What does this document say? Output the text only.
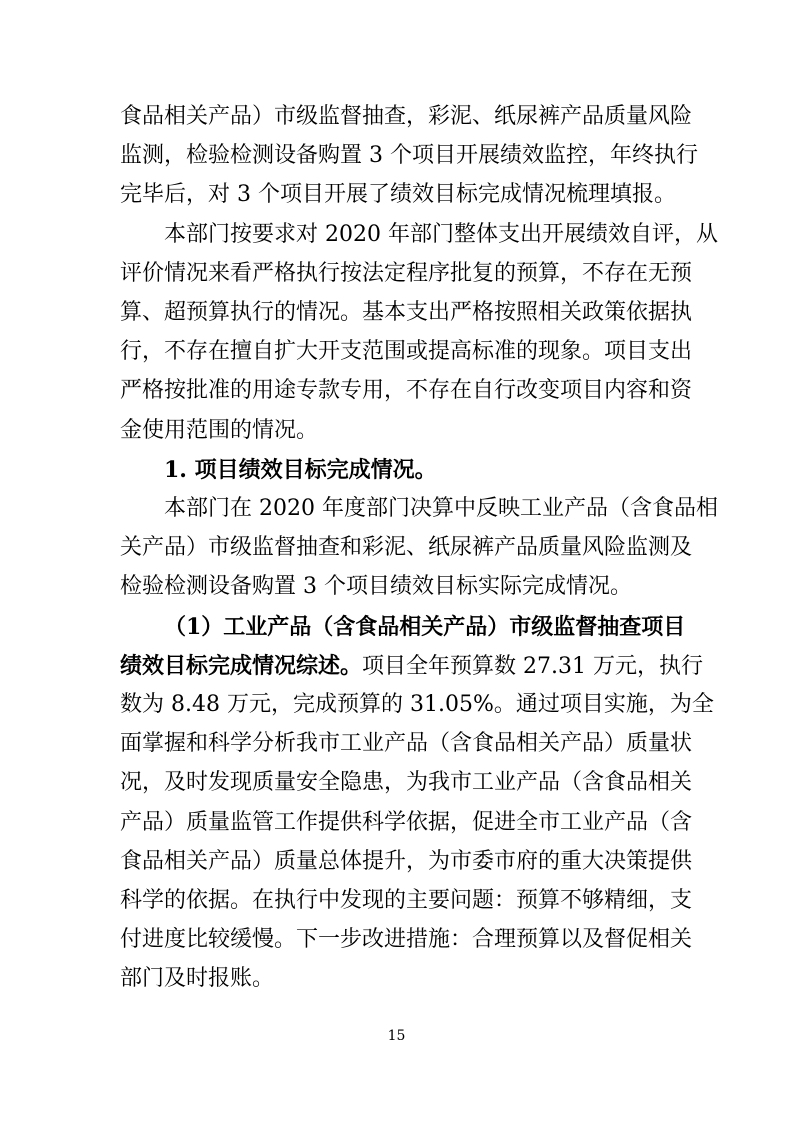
食品相关产品）市级监督抽查，彩泥、纸尿裤产品质量风险
监测，检验检测设备购置 3 个项目开展绩效监控，年终执行
完毕后，对 3 个项目开展了绩效目标完成情况梳理填报。
本部门按要求对 2020 年部门整体支出开展绩效自评，从
评价情况来看严格执行按法定程序批复的预算，不存在无预
算、超预算执行的情况。基本支出严格按照相关政策依据执
行，不存在擅自扩大开支范围或提高标准的现象。项目支出
严格按批准的用途专款专用，不存在自行改变项目内容和资
金使用范围的情况。
1. 项目绩效目标完成情况。
本部门在 2020 年度部门决算中反映工业产品（含食品相
关产品）市级监督抽查和彩泥、纸尿裤产品质量风险监测及
检验检测设备购置 3 个项目绩效目标实际完成情况。
（1）工业产品（含食品相关产品）市级监督抽查项目
绩效目标完成情况综述。项目全年预算数 27.31 万元，执行
数为 8.48 万元，完成预算的 31.05%。通过项目实施，为全
面掌握和科学分析我市工业产品（含食品相关产品）质量状
况，及时发现质量安全隐患，为我市工业产品（含食品相关
产品）质量监管工作提供科学依据，促进全市工业产品（含
食品相关产品）质量总体提升，为市委市府的重大决策提供
科学的依据。在执行中发现的主要问题：预算不够精细，支
付进度比较缓慢。下一步改进措施：合理预算以及督促相关
部门及时报账。
15
